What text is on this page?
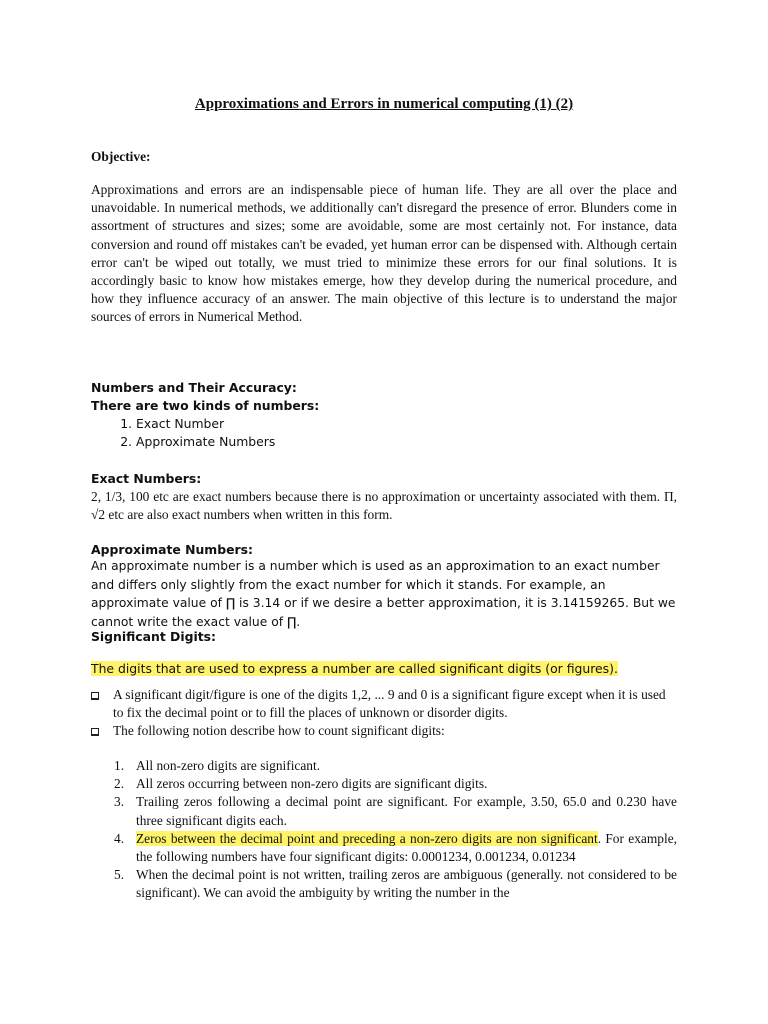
Approximations and Errors in numerical computing (1) (2)
Objective:
Approximations and errors are an indispensable piece of human life. They are all over the place and unavoidable. In numerical methods, we additionally can't disregard the presence of error. Blunders come in assortment of structures and sizes; some are avoidable, some are most certainly not. For instance, data conversion and round off mistakes can't be evaded, yet human error can be dispensed with. Although certain error can't be wiped out totally, we must tried to minimize these errors for our final solutions. It is accordingly basic to know how mistakes emerge, how they develop during the numerical procedure, and how they influence accuracy of an answer. The main objective of this lecture is to understand the major sources of errors in Numerical Method.
Numbers and Their Accuracy:
There are two kinds of numbers:
1. Exact Number
2. Approximate Numbers
Exact Numbers:
2, 1/3, 100 etc are exact numbers because there is no approximation or uncertainty associated with them. Π, √2 etc are also exact numbers when written in this form.
Approximate Numbers:
An approximate number is a number which is used as an approximation to an exact number and differs only slightly from the exact number for which it stands. For example, an approximate value of ∏ is 3.14 or if we desire a better approximation, it is 3.14159265. But we cannot write the exact value of ∏.
Significant Digits:
The digits that are used to express a number are called significant digits (or figures).
A significant digit/figure is one of the digits 1,2, ... 9 and 0 is a significant figure except when it is used to fix the decimal point or to fill the places of unknown or disorder digits.
The following notion describe how to count significant digits:
1. All non-zero digits are significant.
2. All zeros occurring between non-zero digits are significant digits.
3. Trailing zeros following a decimal point are significant. For example, 3.50, 65.0 and 0.230 have three significant digits each.
4. Zeros between the decimal point and preceding a non-zero digits are non significant. For example, the following numbers have four significant digits: 0.0001234, 0.001234, 0.01234
5. When the decimal point is not written, trailing zeros are ambiguous (generally. not considered to be significant). We can avoid the ambiguity by writing the number in the
